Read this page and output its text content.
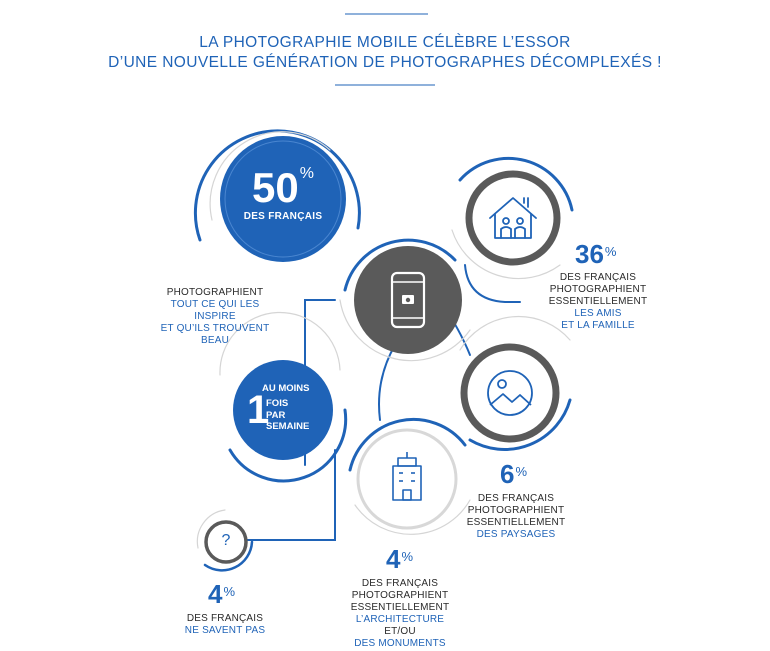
LA PHOTOGRAPHIE MOBILE CÉLÈBRE L’ESSOR
D’UNE NOUVELLE GÉNÉRATION DE PHOTOGRAPHES DÉCOMPLEXÉS !
50%
DES FRANÇAIS
PHOTOGRAPHIENT
TOUT CE QUI LES INSPIRE
ET QU’ILS TROUVENT BEAU
AU MOINS
1
FOIS
PAR
SEMAINE
36%
DES FRANÇAIS
PHOTOGRAPHIENT
ESSENTIELLEMENT
LES AMIS
ET LA FAMILLE
6%
DES FRANÇAIS
PHOTOGRAPHIENT
ESSENTIELLEMENT
DES PAYSAGES
4%
DES FRANÇAIS
PHOTOGRAPHIENT
ESSENTIELLEMENT
L’ARCHITECTURE ET/OU
DES MONUMENTS
?
4%
DES FRANÇAIS
NE SAVENT PAS
